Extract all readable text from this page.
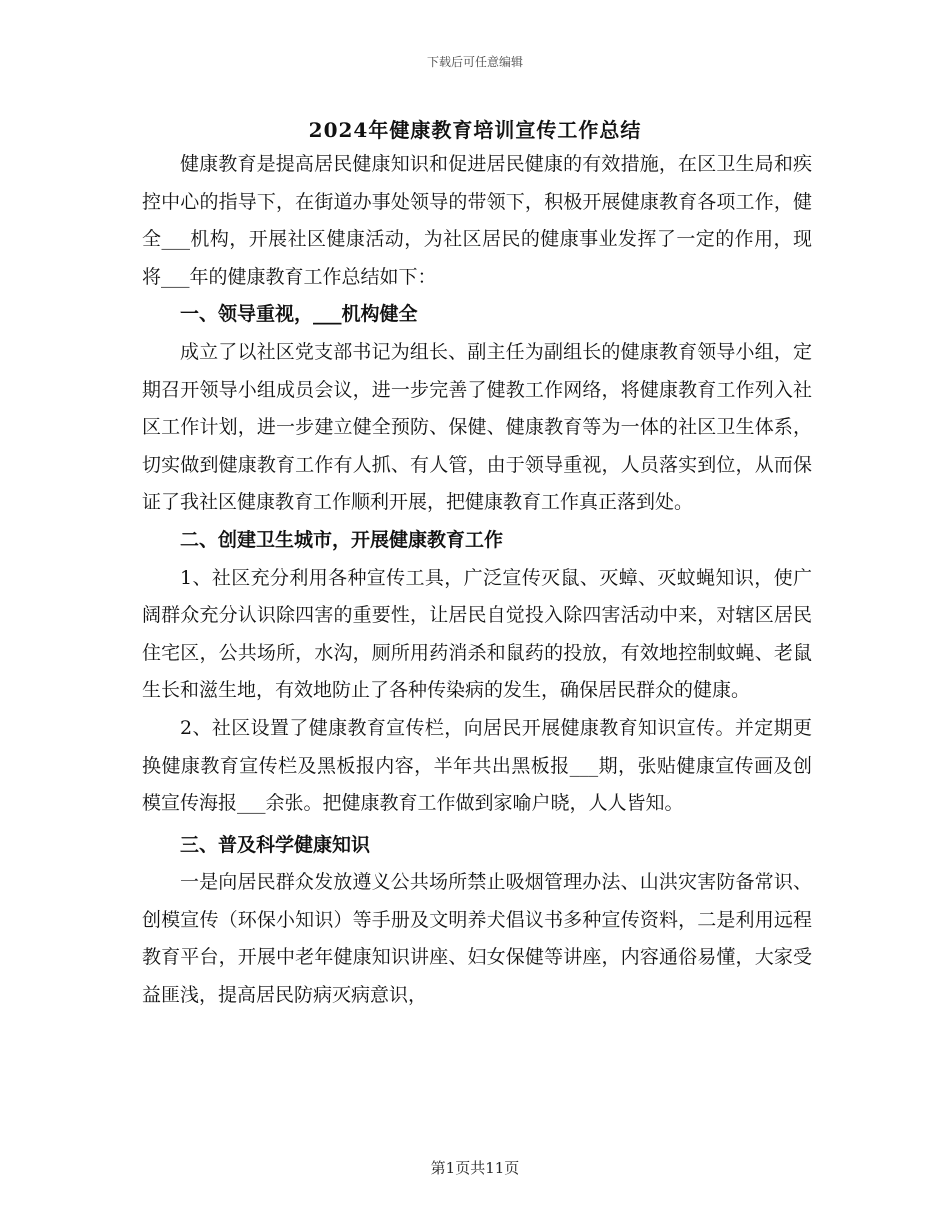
下载后可任意编辑
2024年健康教育培训宣传工作总结

健康教育是提高居民健康知识和促进居民健康的有效措施，在区卫生局和疾控中心的指导下，在街道办事处领导的带领下，积极开展健康教育各项工作，健全___机构，开展社区健康活动，为社区居民的健康事业发挥了一定的作用，现将___年的健康教育工作总结如下：

一、领导重视，___机构健全

成立了以社区党支部书记为组长、副主任为副组长的健康教育领导小组，定期召开领导小组成员会议，进一步完善了健教工作网络，将健康教育工作列入社区工作计划，进一步建立健全预防、保健、健康教育等为一体的社区卫生体系，切实做到健康教育工作有人抓、有人管，由于领导重视，人员落实到位，从而保证了我社区健康教育工作顺利开展，把健康教育工作真正落到处。

二、创建卫生城市，开展健康教育工作

1、社区充分利用各种宣传工具，广泛宣传灭鼠、灭蟑、灭蚊蝇知识，使广阔群众充分认识除四害的重要性，让居民自觉投入除四害活动中来，对辖区居民住宅区，公共场所，水沟，厕所用药消杀和鼠药的投放，有效地控制蚊蝇、老鼠生长和滋生地，有效地防止了各种传染病的发生，确保居民群众的健康。

2、社区设置了健康教育宣传栏，向居民开展健康教育知识宣传。并定期更换健康教育宣传栏及黑板报内容，半年共出黑板报___期，张贴健康宣传画及创模宣传海报___余张。把健康教育工作做到家喻户晓，人人皆知。

三、普及科学健康知识

一是向居民群众发放遵义公共场所禁止吸烟管理办法、山洪灾害防备常识、创模宣传（环保小知识）等手册及文明养犬倡议书多种宣传资料，二是利用远程教育平台，开展中老年健康知识讲座、妇女保健等讲座，内容通俗易懂，大家受益匪浅，提高居民防病灭病意识，

第1页共11页
